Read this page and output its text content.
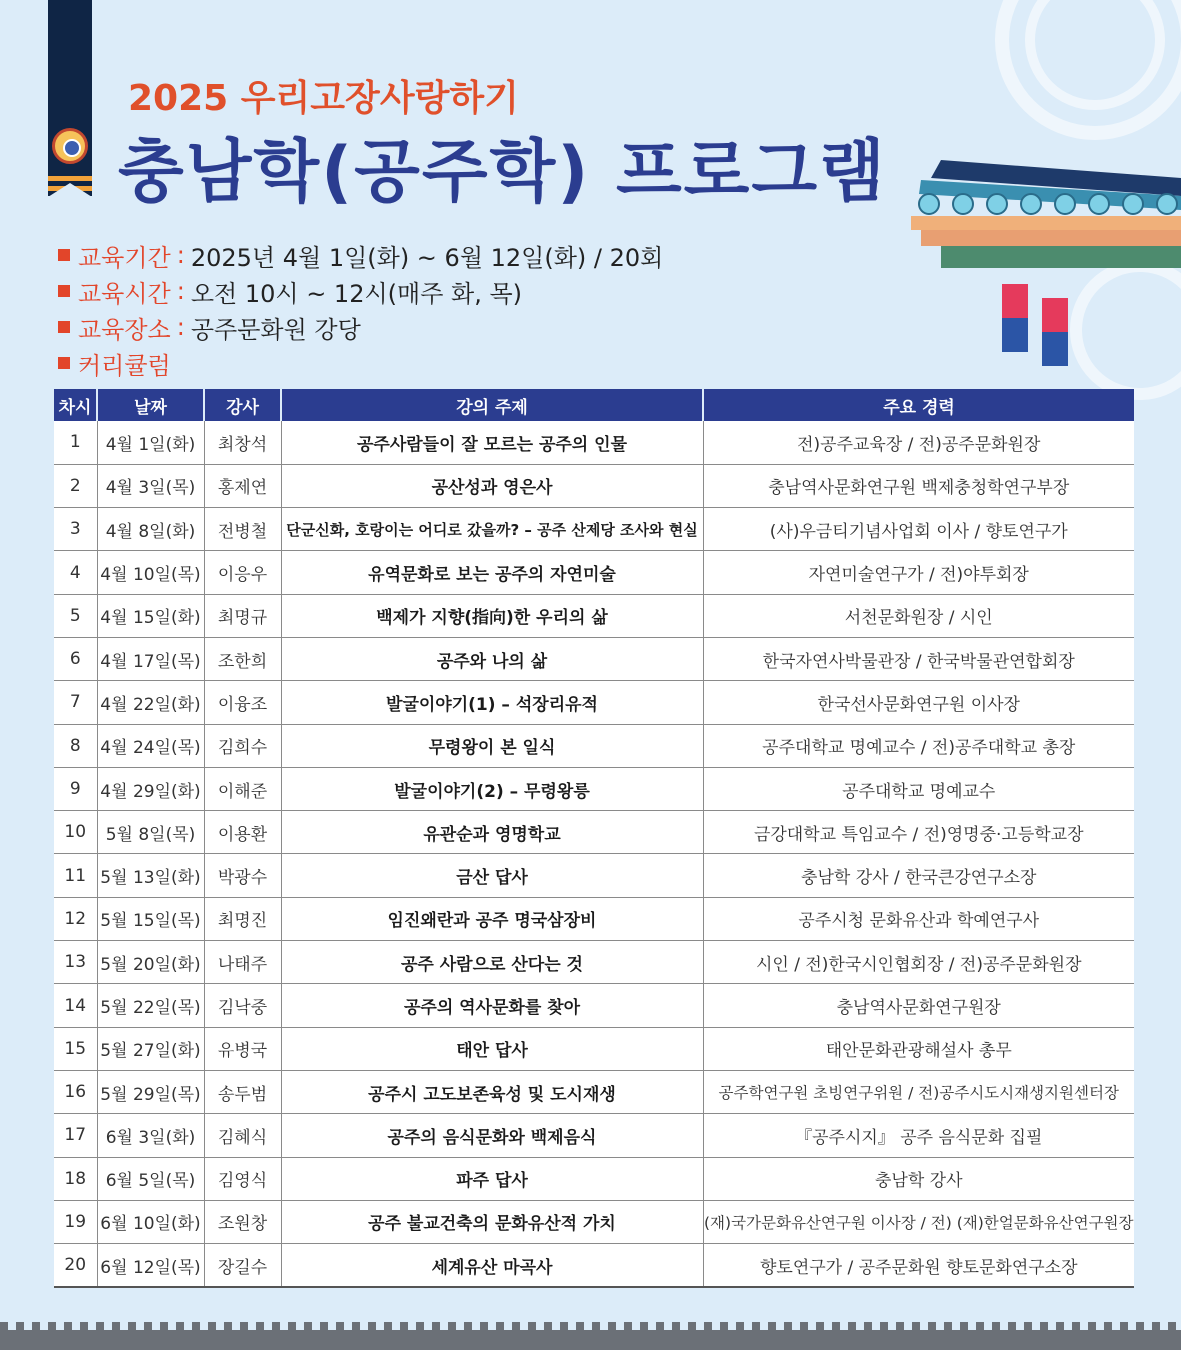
2025 우리고장사랑하기
충남학(공주학) 프로그램
교육기간 : 2025년 4월 1일(화) ~ 6월 12일(화) / 20회
교육시간 : 오전 10시 ~ 12시(매주 화, 목)
교육장소 : 공주문화원 강당
커리큘럼
차시	날짜	강사	강의 주제	주요 경력
1	4월 1일(화)	최창석	공주사람들이 잘 모르는 공주의 인물	전)공주교육장 / 전)공주문화원장
2	4월 3일(목)	홍제연	공산성과 영은사	충남역사문화연구원 백제충청학연구부장
3	4월 8일(화)	전병철	단군신화, 호랑이는 어디로 갔을까? – 공주 산제당 조사와 현실	(사)우금티기념사업회 이사 / 향토연구가
4	4월 10일(목)	이응우	유역문화로 보는 공주의 자연미술	자연미술연구가 / 전)야투회장
5	4월 15일(화)	최명규	백제가 지향(指向)한 우리의 삶	서천문화원장 / 시인
6	4월 17일(목)	조한희	공주와 나의 삶	한국자연사박물관장 / 한국박물관연합회장
7	4월 22일(화)	이융조	발굴이야기(1) – 석장리유적	한국선사문화연구원 이사장
8	4월 24일(목)	김희수	무령왕이 본 일식	공주대학교 명예교수 / 전)공주대학교 총장
9	4월 29일(화)	이해준	발굴이야기(2) – 무령왕릉	공주대학교 명예교수
10	5월 8일(목)	이용환	유관순과 영명학교	금강대학교 특임교수 / 전)영명중·고등학교장
11	5월 13일(화)	박광수	금산 답사	충남학 강사 / 한국큰강연구소장
12	5월 15일(목)	최명진	임진왜란과 공주 명국삼장비	공주시청 문화유산과 학예연구사
13	5월 20일(화)	나태주	공주 사람으로 산다는 것	시인 / 전)한국시인협회장 / 전)공주문화원장
14	5월 22일(목)	김낙중	공주의 역사문화를 찾아	충남역사문화연구원장
15	5월 27일(화)	유병국	태안 답사	태안문화관광해설사 총무
16	5월 29일(목)	송두범	공주시 고도보존육성 및 도시재생	공주학연구원 초빙연구위원 / 전)공주시도시재생지원센터장
17	6월 3일(화)	김혜식	공주의 음식문화와 백제음식	『공주시지』 공주 음식문화 집필
18	6월 5일(목)	김영식	파주 답사	충남학 강사
19	6월 10일(화)	조원창	공주 불교건축의 문화유산적 가치	(재)국가문화유산연구원 이사장 / 전) (재)한얼문화유산연구원장
20	6월 12일(목)	장길수	세계유산 마곡사	향토연구가 / 공주문화원 향토문화연구소장
